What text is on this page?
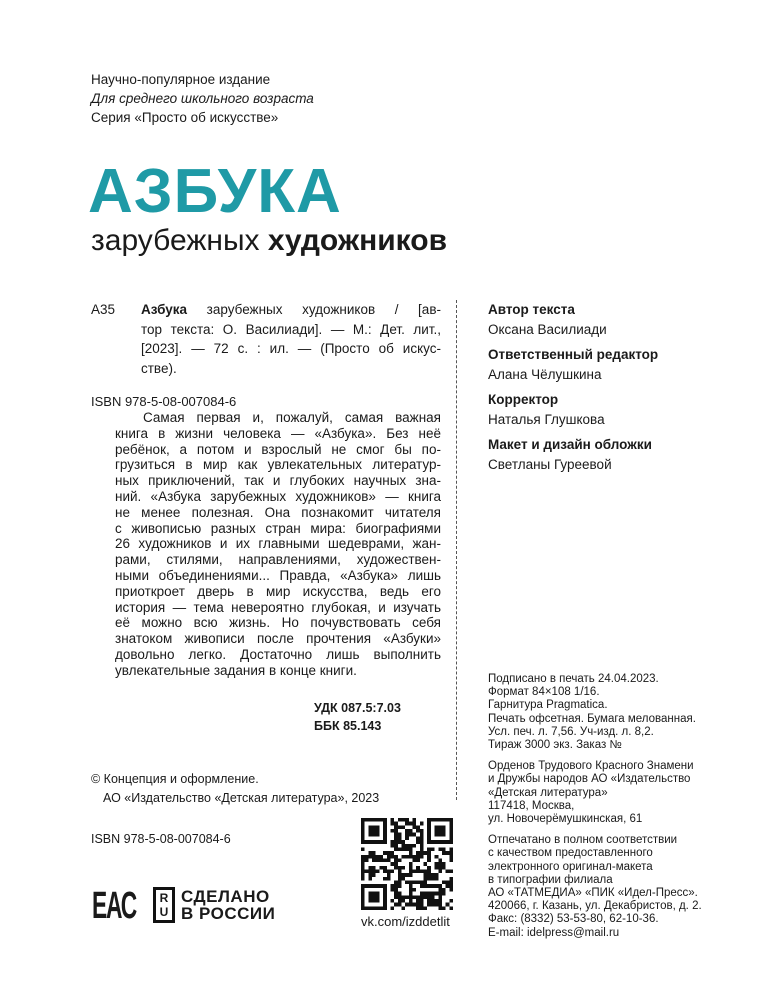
Научно-популярное издание
Для среднего школьного возраста
Серия «Просто об искусстве»
АЗБУКА
зарубежных художников
А35 Азбука зарубежных художников / [ав-
тор текста: О. Василиади]. — М.: Дет. лит.,
[2023]. — 72 с. : ил. — (Просто об искус-
стве).
ISBN 978-5-08-007084-6
Самая первая и, пожалуй, самая важная
книга в жизни человека — «Азбука». Без неё
ребёнок, а потом и взрослый не смог бы по-
грузиться в мир как увлекательных литератур-
ных приключений, так и глубоких научных зна-
ний. «Азбука зарубежных художников» — книга
не менее полезная. Она познакомит читателя
с живописью разных стран мира: биографиями
26 художников и их главными шедеврами, жан-
рами, стилями, направлениями, художествен-
ными объединениями... Правда, «Азбука» лишь
приоткроет дверь в мир искусства, ведь его
история — тема невероятно глубокая, и изучать
её можно всю жизнь. Но почувствовать себя
знатоком живописи после прочтения «Азбуки»
довольно легко. Достаточно лишь выполнить
увлекательные задания в конце книги.
УДК 087.5:7.03
ББК 85.143
© Концепция и оформление.
АО «Издательство «Детская литература», 2023
ISBN 978-5-08-007084-6
Автор текста
Оксана Василиади
Ответственный редактор
Алана Чёлушкина
Корректор
Наталья Глушкова
Макет и дизайн обложки
Светланы Гуреевой
Подписано в печать 24.04.2023.
Формат 84×108 1/16.
Гарнитура Pragmatica.
Печать офсетная. Бумага мелованная.
Усл. печ. л. 7,56. Уч-изд. л. 8,2.
Тираж 3000 экз. Заказ №
Орденов Трудового Красного Знамени
и Дружбы народов АО «Издательство
«Детская литература»
117418, Москва,
ул. Новочерёмушкинская, 61
Отпечатано в полном соответствии
с качеством предоставленного
электронного оригинал-макета
в типографии филиала
АО «ТАТМЕДИА» «ПИК «Идел-Пресс».
420066, г. Казань, ул. Декабристов, д. 2.
Факс: (8332) 53-53-80, 62-10-36.
E-mail: idelpress@mail.ru
vk.com/izddetlit
ЕАС R
U
СДЕЛАНО
В РОССИИ
